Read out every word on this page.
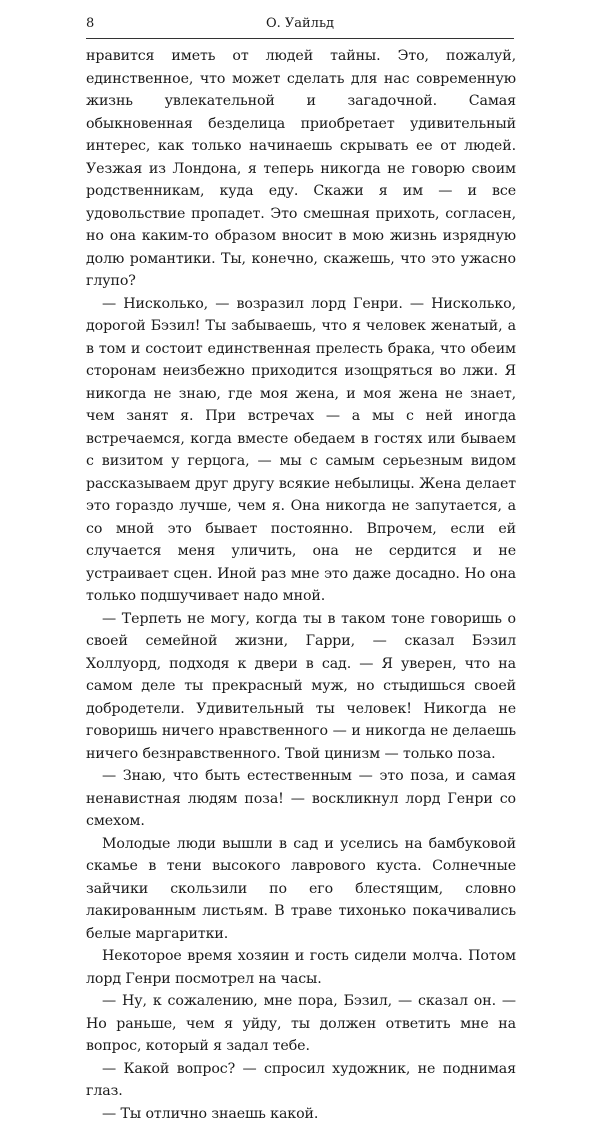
8	О. Уайльд

нравится иметь от людей тайны. Это, пожалуй, единственное, что может сделать для нас современную жизнь увлекательной и загадочной. Самая обыкновенная безделица приобретает удивительный интерес, как только начинаешь скрывать ее от людей. Уезжая из Лондона, я теперь никогда не говорю своим родственникам, куда еду. Скажи я им — и все удовольствие пропадет. Это смешная прихоть, согласен, но она каким-то образом вносит в мою жизнь изрядную долю романтики. Ты, конечно, скажешь, что это ужасно глупо?

— Нисколько, — возразил лорд Генри. — Нисколько, дорогой Бэзил! Ты забываешь, что я человек женатый, а в том и состоит единственная прелесть брака, что обеим сторонам неизбежно приходится изощряться во лжи. Я никогда не знаю, где моя жена, и моя жена не знает, чем занят я. При встречах — а мы с ней иногда встречаемся, когда вместе обедаем в гостях или бываем с визитом у герцога, — мы с самым серьезным видом рассказываем друг другу всякие небылицы. Жена делает это гораздо лучше, чем я. Она никогда не запутается, а со мной это бывает постоянно. Впрочем, если ей случается меня уличить, она не сердится и не устраивает сцен. Иной раз мне это даже досадно. Но она только подшучивает надо мной.

— Терпеть не могу, когда ты в таком тоне говоришь о своей семейной жизни, Гарри, — сказал Бэзил Холлуорд, подходя к двери в сад. — Я уверен, что на самом деле ты прекрасный муж, но стыдишься своей добродетели. Удивительный ты человек! Никогда не говоришь ничего нравственного — и никогда не делаешь ничего безнравственного. Твой цинизм — только поза.

— Знаю, что быть естественным — это поза, и самая ненавистная людям поза! — воскликнул лорд Генри со смехом.

Молодые люди вышли в сад и уселись на бамбуковой скамье в тени высокого лаврового куста. Солнечные зайчики скользили по его блестящим, словно лакированным листьям. В траве тихонько покачивались белые маргаритки.

Некоторое время хозяин и гость сидели молча. Потом лорд Генри посмотрел на часы.

— Ну, к сожалению, мне пора, Бэзил, — сказал он. — Но раньше, чем я уйду, ты должен ответить мне на вопрос, который я задал тебе.

— Какой вопрос? — спросил художник, не поднимая глаз.

— Ты отлично знаешь какой.
